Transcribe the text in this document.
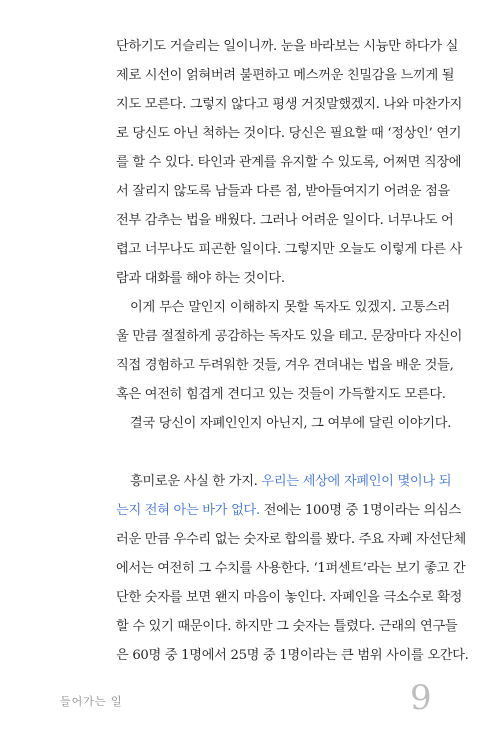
단하기도 거슬리는 일이니까. 눈을 바라보는 시늉만 하다가 실
제로 시선이 얽혀버려 불편하고 메스꺼운 친밀감을 느끼게 될
지도 모른다. 그렇지 않다고 평생 거짓말했겠지. 나와 마찬가지
로 당신도 아닌 척하는 것이다. 당신은 필요할 때 ‘정상인’ 연기
를 할 수 있다. 타인과 관계를 유지할 수 있도록, 어쩌면 직장에
서 잘리지 않도록 남들과 다른 점, 받아들여지기 어려운 점을
전부 감추는 법을 배웠다. 그러나 어려운 일이다. 너무나도 어
렵고 너무나도 피곤한 일이다. 그렇지만 오늘도 이렇게 다른 사
람과 대화를 해야 하는 것이다.
이게 무슨 말인지 이해하지 못할 독자도 있겠지. 고통스러
울 만큼 절절하게 공감하는 독자도 있을 테고. 문장마다 자신이
직접 경험하고 두려워한 것들, 겨우 견뎌내는 법을 배운 것들,
혹은 여전히 힘겹게 견디고 있는 것들이 가득할지도 모른다.
결국 당신이 자폐인인지 아닌지, 그 여부에 달린 이야기다.
흥미로운 사실 한 가지. 우리는 세상에 자폐인이 몇이나 되
는지 전혀 아는 바가 없다. 전에는 100명 중 1명이라는 의심스
러운 만큼 우수리 없는 숫자로 합의를 봤다. 주요 자폐 자선단체
에서는 여전히 그 수치를 사용한다. ‘1퍼센트’라는 보기 좋고 간
단한 숫자를 보면 왠지 마음이 놓인다. 자폐인을 극소수로 확정
할 수 있기 때문이다. 하지만 그 숫자는 틀렸다. 근래의 연구들
은 60명 중 1명에서 25명 중 1명이라는 큰 범위 사이를 오간다.
들어가는 일	9
